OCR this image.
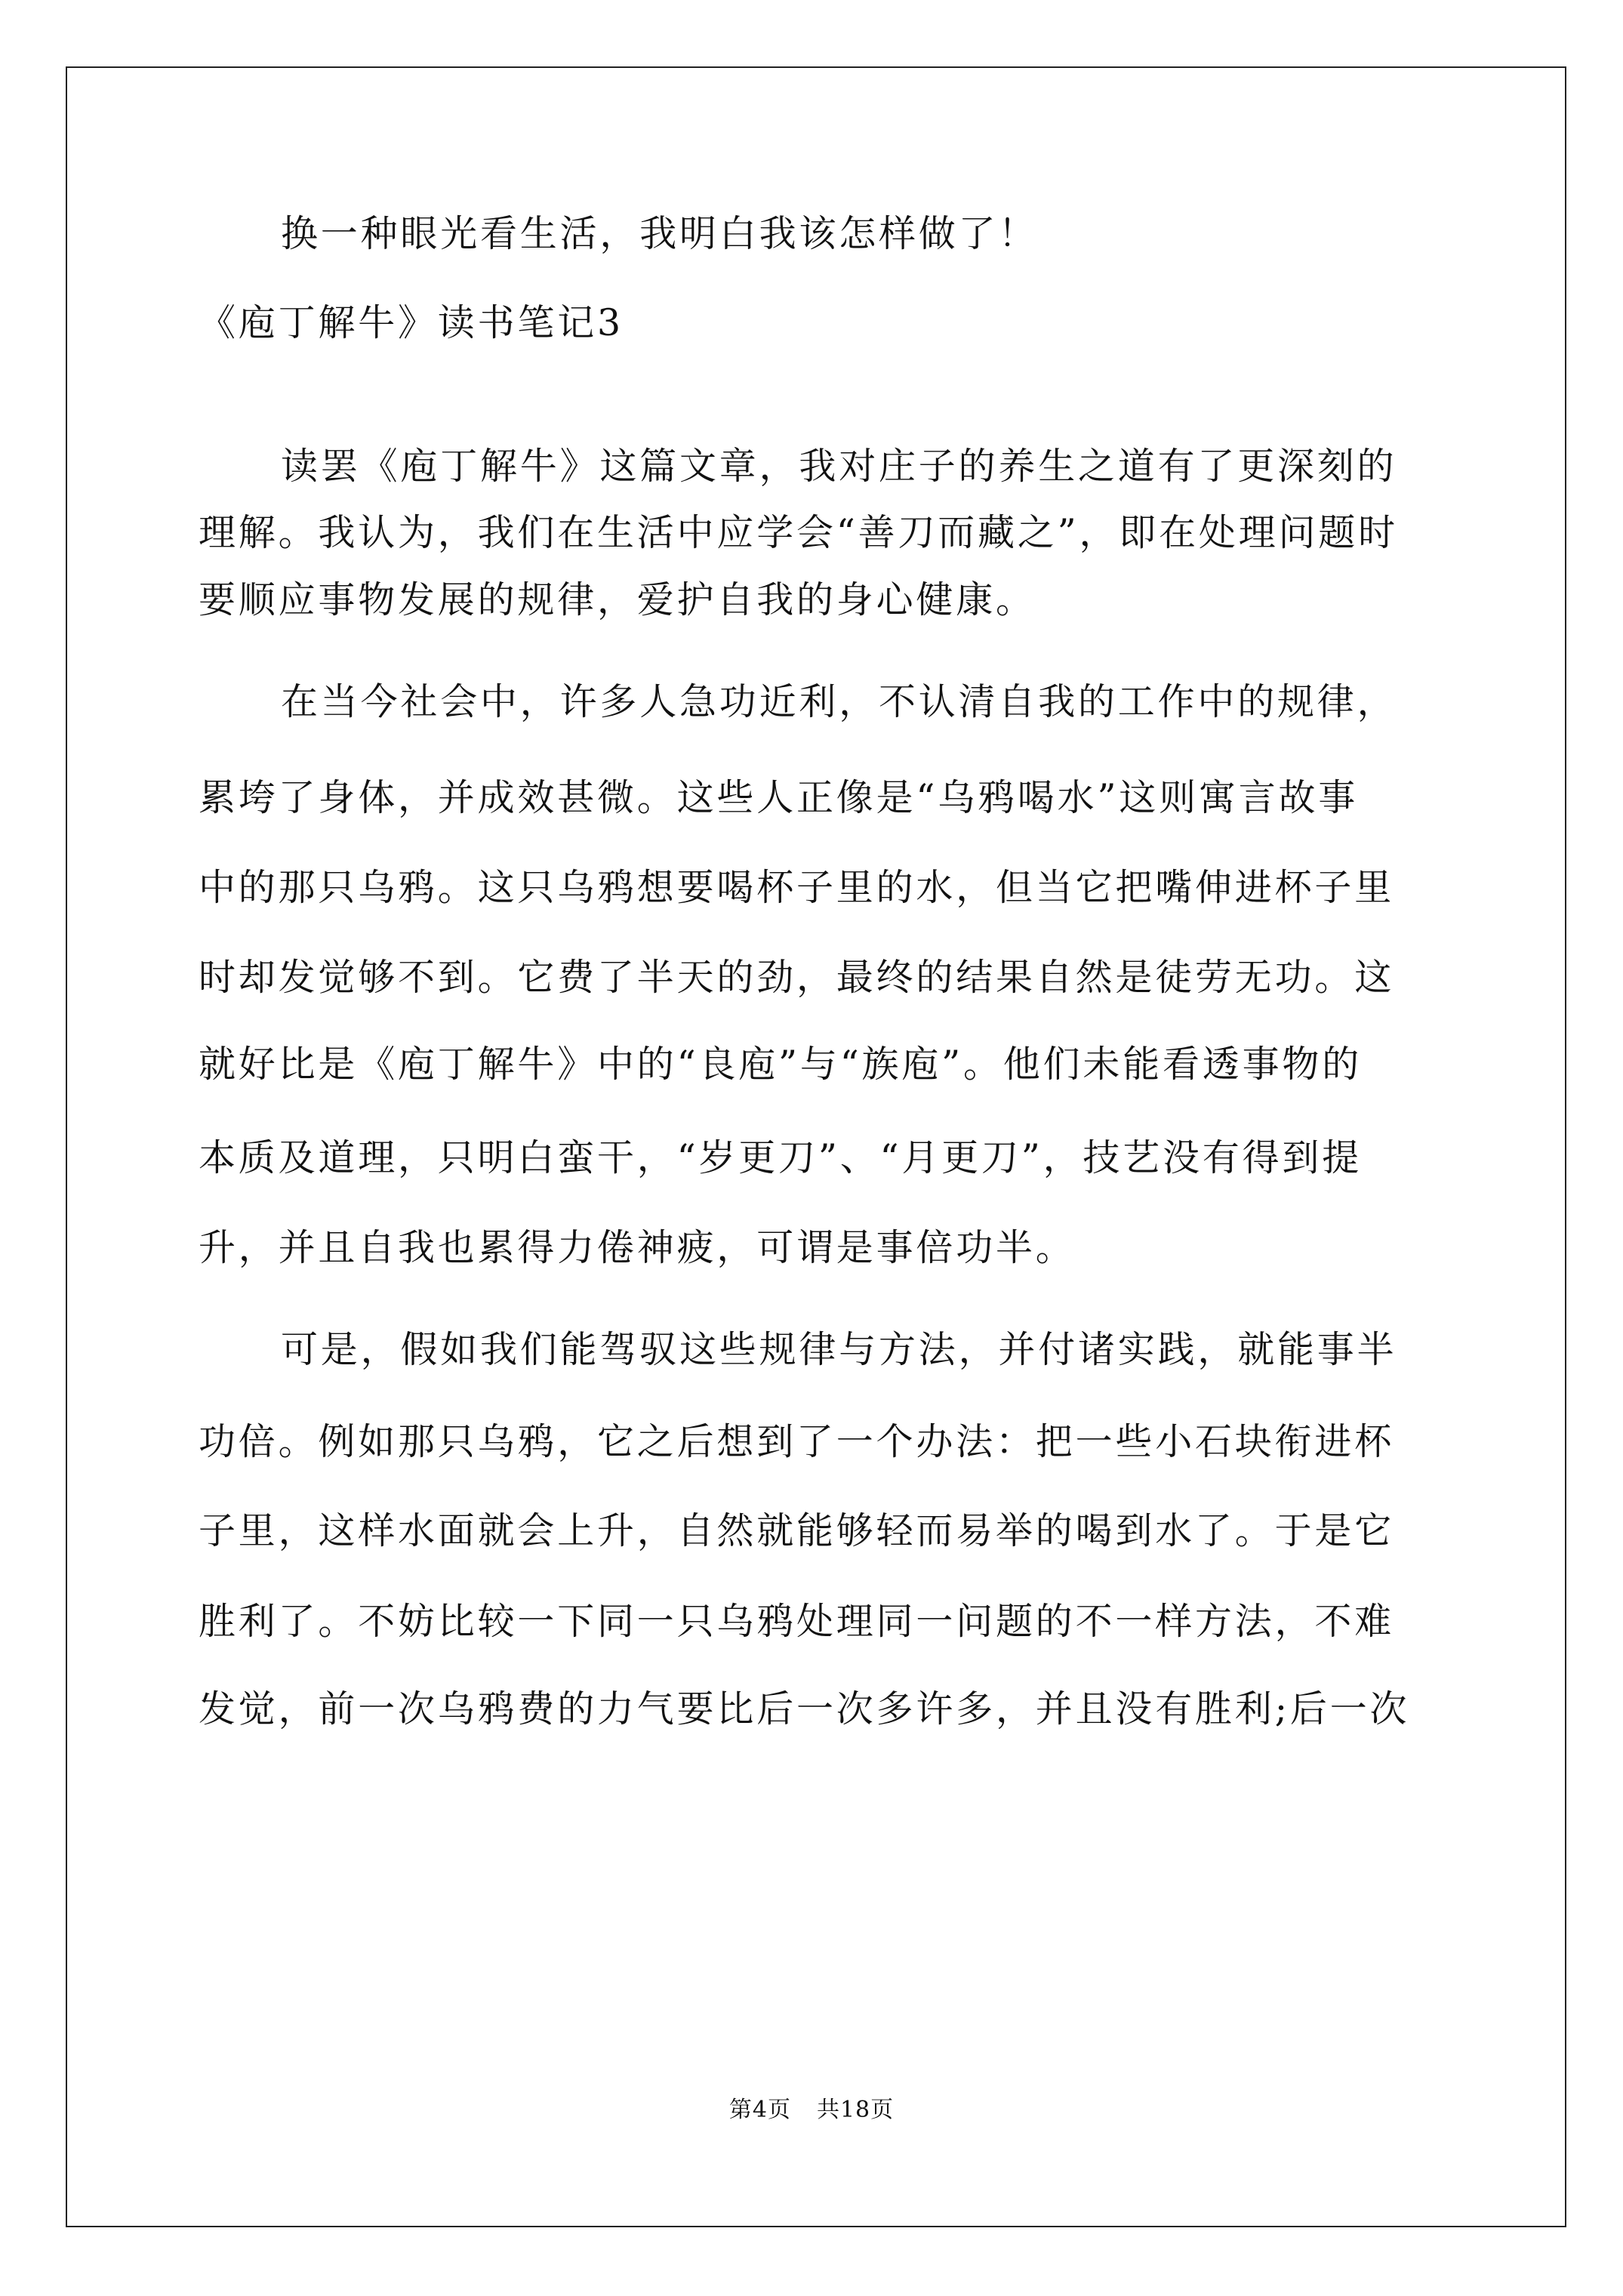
换一种眼光看生活，我明白我该怎样做了！
《庖丁解牛》读书笔记3
读罢《庖丁解牛》这篇文章，我对庄子的养生之道有了更深刻的
理解。我认为，我们在生活中应学会“善刀而藏之”，即在处理问题时
要顺应事物发展的规律，爱护自我的身心健康。
在当今社会中，许多人急功近利，不认清自我的工作中的规律，
累垮了身体，并成效甚微。这些人正像是“乌鸦喝水”这则寓言故事
中的那只乌鸦。这只乌鸦想要喝杯子里的水，但当它把嘴伸进杯子里
时却发觉够不到。它费了半天的劲，最终的结果自然是徒劳无功。这
就好比是《庖丁解牛》中的“良庖”与“族庖”。他们未能看透事物的
本质及道理，只明白蛮干，“岁更刀”、“月更刀”，技艺没有得到提
升，并且自我也累得力倦神疲，可谓是事倍功半。
可是，假如我们能驾驭这些规律与方法，并付诸实践，就能事半
功倍。例如那只乌鸦，它之后想到了一个办法：把一些小石块衔进杯
子里，这样水面就会上升，自然就能够轻而易举的喝到水了。于是它
胜利了。不妨比较一下同一只乌鸦处理同一问题的不一样方法，不难
发觉，前一次乌鸦费的力气要比后一次多许多，并且没有胜利;后一次
第4页 共18页
